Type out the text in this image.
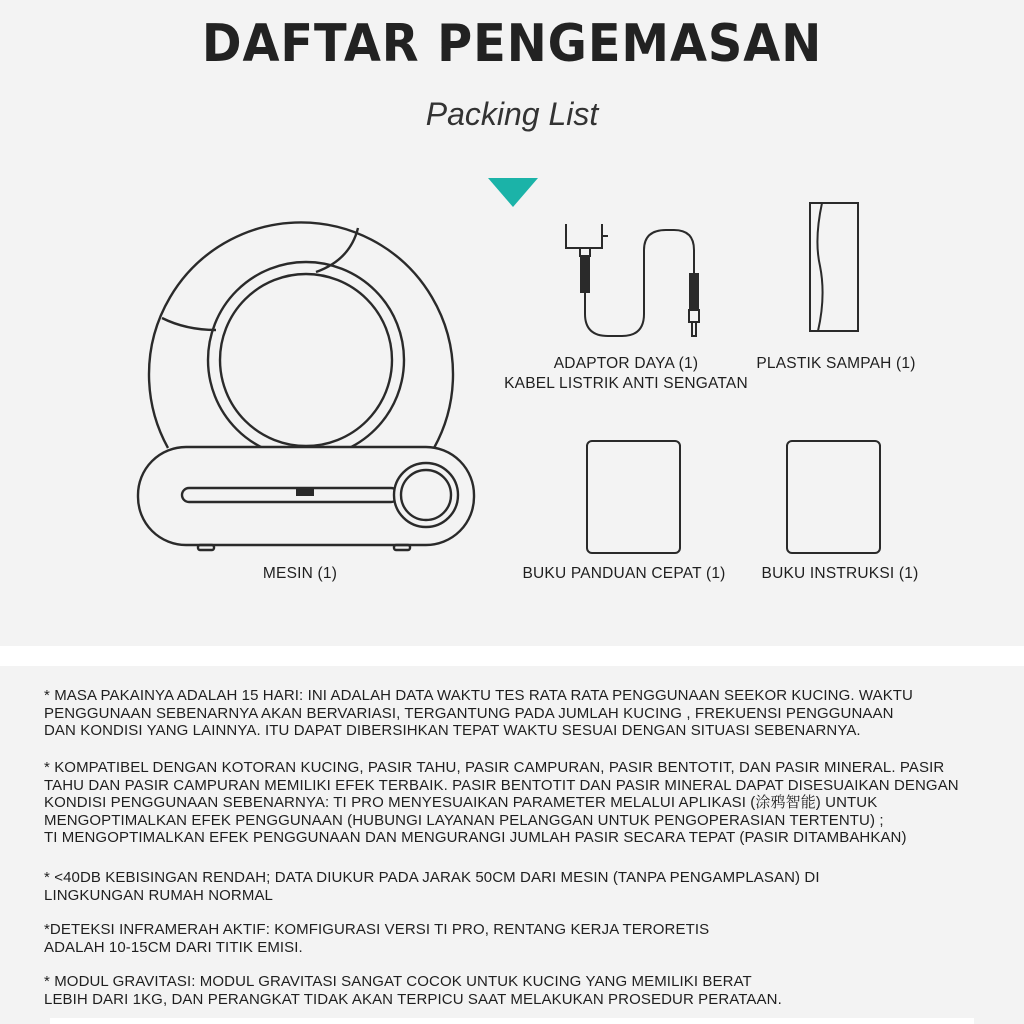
DAFTAR PENGEMASAN
Packing List
MESIN (1)
ADAPTOR DAYA (1)
KABEL LISTRIK ANTI SENGATAN
PLASTIK SAMPAH (1)
BUKU PANDUAN CEPAT (1)	BUKU INSTRUKSI (1)
* MASA PAKAINYA ADALAH 15 HARI: INI ADALAH DATA WAKTU TES RATA RATA PENGGUNAAN SEEKOR KUCING. WAKTU
PENGGUNAAN SEBENARNYA AKAN BERVARIASI, TERGANTUNG PADA JUMLAH KUCING , FREKUENSI PENGGUNAAN
DAN KONDISI YANG LAINNYA. ITU DAPAT DIBERSIHKAN TEPAT WAKTU SESUAI DENGAN SITUASI SEBENARNYA.
* KOMPATIBEL DENGAN KOTORAN KUCING, PASIR TAHU, PASIR CAMPURAN, PASIR BENTOTIT, DAN PASIR MINERAL. PASIR
TAHU DAN PASIR CAMPURAN MEMILIKI EFEK TERBAIK. PASIR BENTOTIT DAN PASIR MINERAL DAPAT DISESUAIKAN DENGAN
KONDISI PENGGUNAAN SEBENARNYA: TI PRO MENYESUAIKAN PARAMETER MELALUI APLIKASI (涂鸦智能) UNTUK
MENGOPTIMALKAN EFEK PENGGUNAAN (HUBUNGI LAYANAN PELANGGAN UNTUK PENGOPERASIAN TERTENTU) ;
TI MENGOPTIMALKAN EFEK PENGGUNAAN DAN MENGURANGI JUMLAH PASIR SECARA TEPAT (PASIR DITAMBAHKAN)
* <40DB KEBISINGAN RENDAH; DATA DIUKUR PADA JARAK 50CM DARI MESIN (TANPA PENGAMPLASAN) DI
LINGKUNGAN RUMAH NORMAL
*DETEKSI INFRAMERAH AKTIF: KOMFIGURASI VERSI TI PRO, RENTANG KERJA TERORETIS
ADALAH 10-15CM DARI TITIK EMISI.
* MODUL GRAVITASI: MODUL GRAVITASI SANGAT COCOK UNTUK KUCING YANG MEMILIKI BERAT
LEBIH DARI 1KG, DAN PERANGKAT TIDAK AKAN TERPICU SAAT MELAKUKAN PROSEDUR PERATAAN.
